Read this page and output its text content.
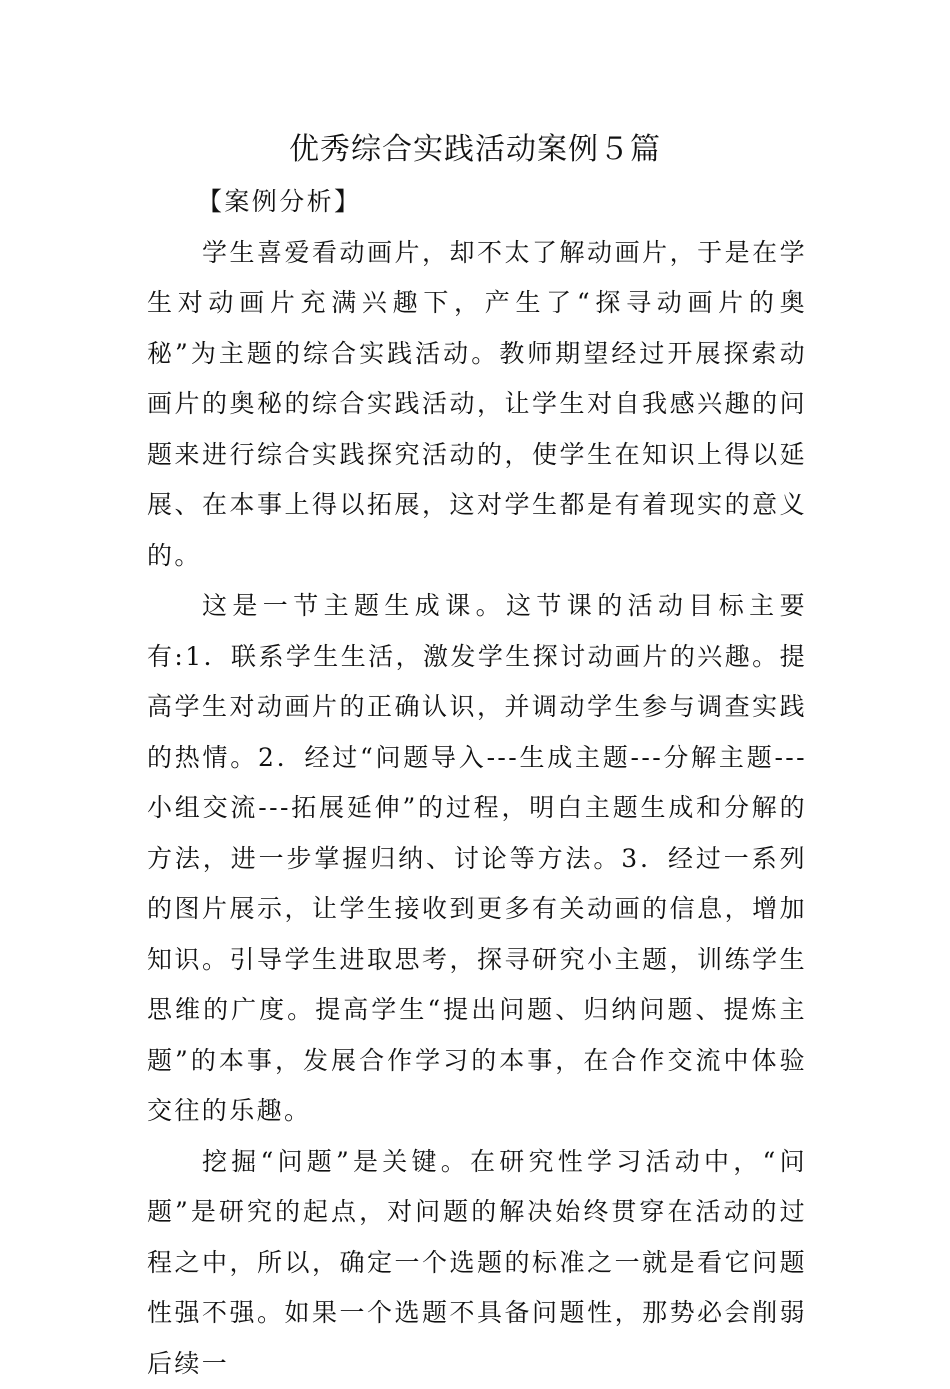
优秀综合实践活动案例５篇

【案例分析】

学生喜爱看动画片，却不太了解动画片，于是在学生对动画片充满兴趣下，产生了“探寻动画片的奥秘”为主题的综合实践活动。教师期望经过开展探索动画片的奥秘的综合实践活动，让学生对自我感兴趣的问题来进行综合实践探究活动的，使学生在知识上得以延展、在本事上得以拓展，这对学生都是有着现实的意义的。

这是一节主题生成课。这节课的活动目标主要有:1．联系学生生活，激发学生探讨动画片的兴趣。提高学生对动画片的正确认识，并调动学生参与调查实践的热情。2．经过“问题导入---生成主题---分解主题---小组交流---拓展延伸”的过程，明白主题生成和分解的方法，进一步掌握归纳、讨论等方法。3．经过一系列的图片展示，让学生接收到更多有关动画的信息，增加知识。引导学生进取思考，探寻研究小主题，训练学生思维的广度。提高学生“提出问题、归纳问题、提炼主题”的本事，发展合作学习的本事，在合作交流中体验交往的乐趣。

挖掘“问题”是关键。在研究性学习活动中，“问题”是研究的起点，对问题的解决始终贯穿在活动的过程之中，所以，确定一个选题的标准之一就是看它问题性强不强。如果一个选题不具备问题性，那势必会削弱后续一
